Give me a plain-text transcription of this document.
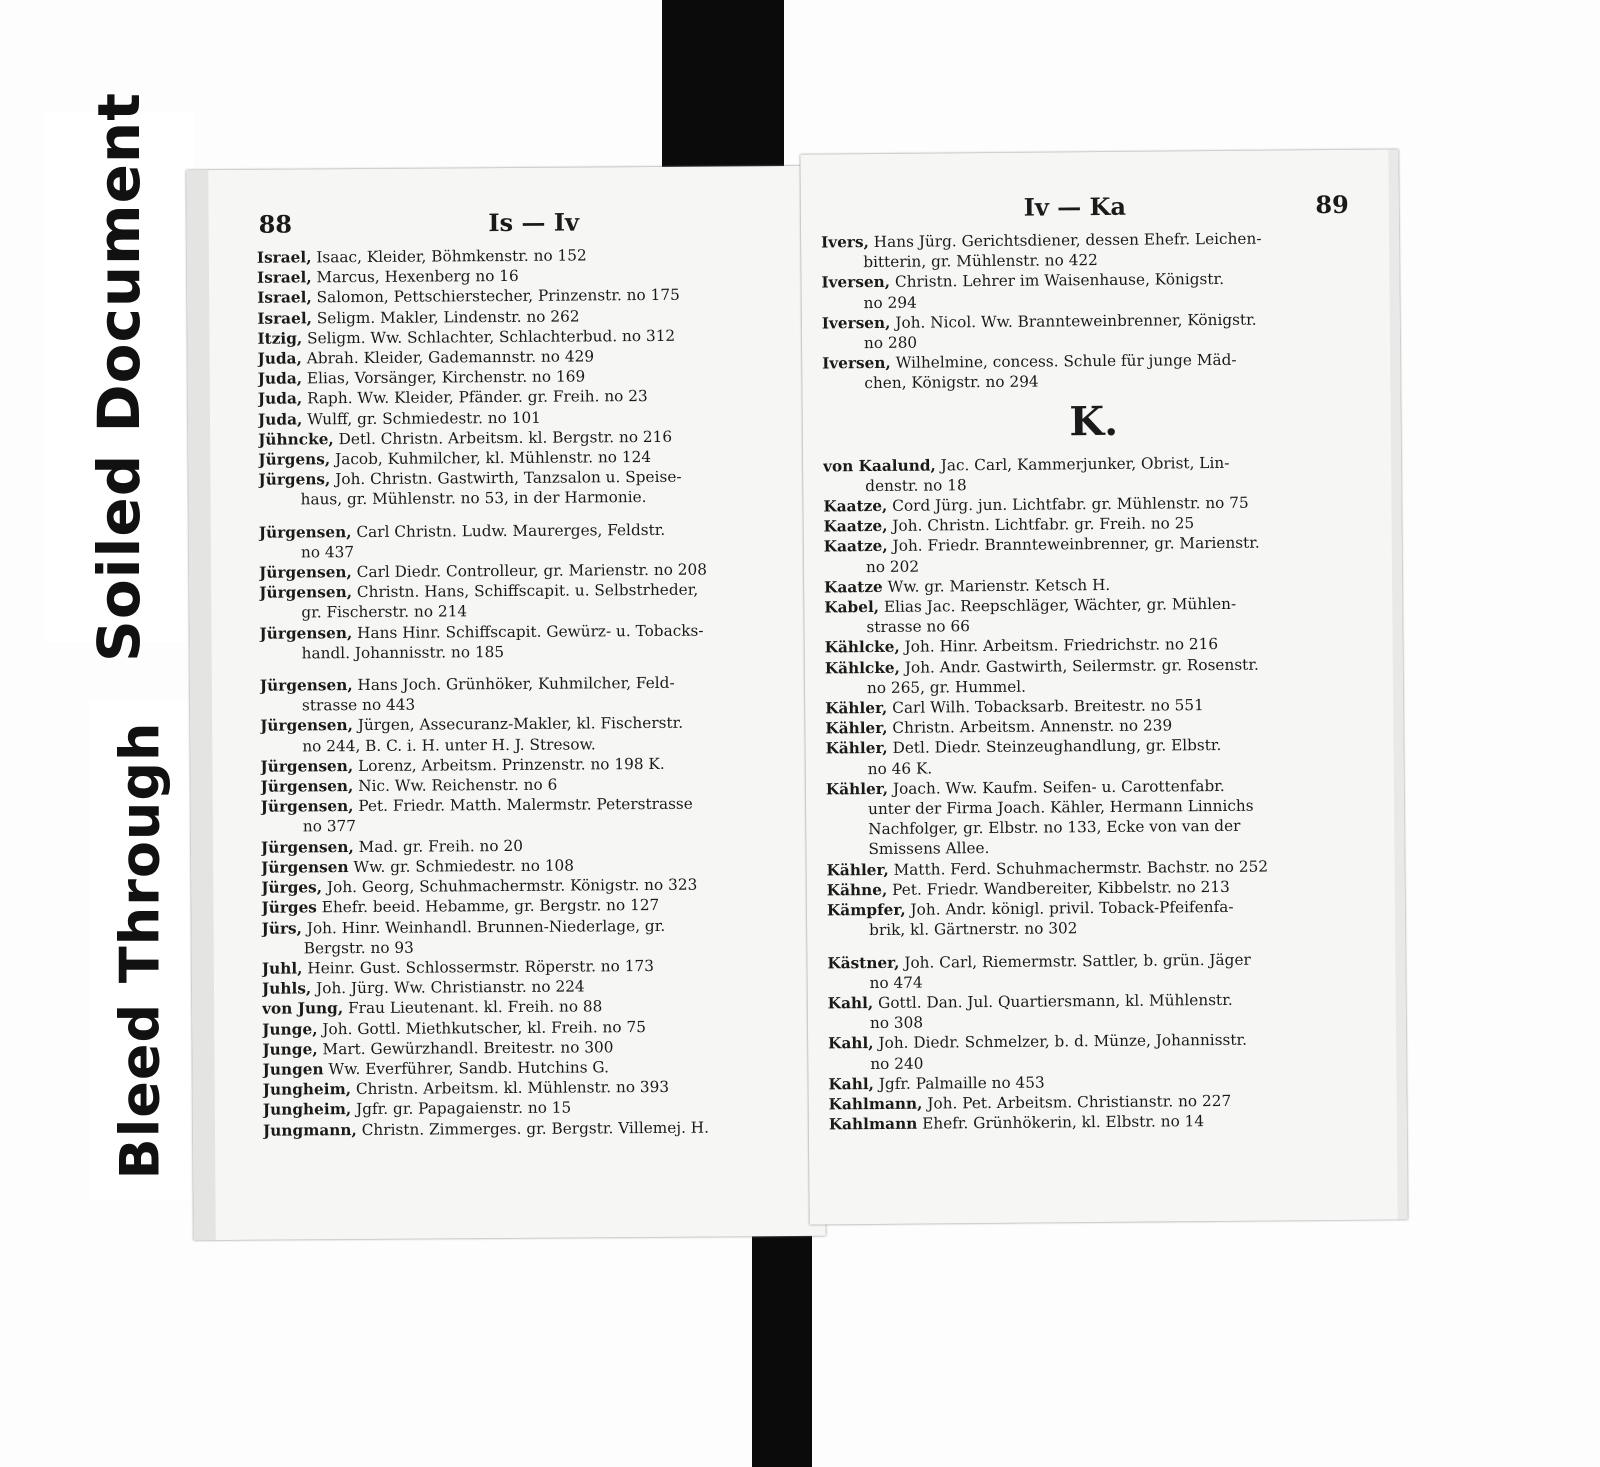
Soiled Document
Bleed Through
88	Is — Iv
Israel, Isaac, Kleider, Böhmkenstr. no 152
Israel, Marcus, Hexenberg no 16
Israel, Salomon, Pettschierstecher, Prinzenstr. no 175
Israel, Seligm. Makler, Lindenstr. no 262
Itzig, Seligm. Ww. Schlachter, Schlachterbud. no 312
Juda, Abrah. Kleider, Gademannstr. no 429
Juda, Elias, Vorsänger, Kirchenstr. no 169
Juda, Raph. Ww. Kleider, Pfänder. gr. Freih. no 23
Juda, Wulff, gr. Schmiedestr. no 101
Jühncke, Detl. Christn. Arbeitsm. kl. Bergstr. no 216
Jürgens, Jacob, Kuhmilcher, kl. Mühlenstr. no 124
Jürgens, Joh. Christn. Gastwirth, Tanzsalon u. Speise-
haus, gr. Mühlenstr. no 53, in der Harmonie.
Jürgensen, Carl Christn. Ludw. Maurerges, Feldstr.
no 437
Jürgensen, Carl Diedr. Controlleur, gr. Marienstr. no 208
Jürgensen, Christn. Hans, Schiffscapit. u. Selbstrheder,
gr. Fischerstr. no 214
Jürgensen, Hans Hinr. Schiffscapit. Gewürz- u. Tobacks-
handl. Johannisstr. no 185
Jürgensen, Hans Joch. Grünhöker, Kuhmilcher, Feld-
strasse no 443
Jürgensen, Jürgen, Assecuranz-Makler, kl. Fischerstr.
no 244, B. C. i. H. unter H. J. Stresow.
Jürgensen, Lorenz, Arbeitsm. Prinzenstr. no 198 K.
Jürgensen, Nic. Ww. Reichenstr. no 6
Jürgensen, Pet. Friedr. Matth. Malermstr. Peterstrasse
no 377
Jürgensen, Mad. gr. Freih. no 20
Jürgensen Ww. gr. Schmiedestr. no 108
Jürges, Joh. Georg, Schuhmachermstr. Königstr. no 323
Jürges Ehefr. beeid. Hebamme, gr. Bergstr. no 127
Jürs, Joh. Hinr. Weinhandl. Brunnen-Niederlage, gr.
Bergstr. no 93
Juhl, Heinr. Gust. Schlossermstr. Röperstr. no 173
Juhls, Joh. Jürg. Ww. Christianstr. no 224
von Jung, Frau Lieutenant. kl. Freih. no 88
Junge, Joh. Gottl. Miethkutscher, kl. Freih. no 75
Junge, Mart. Gewürzhandl. Breitestr. no 300
Jungen Ww. Everführer, Sandb. Hutchins G.
Jungheim, Christn. Arbeitsm. kl. Mühlenstr. no 393
Jungheim, Jgfr. gr. Papagaienstr. no 15
Jungmann, Christn. Zimmerges. gr. Bergstr. Villemej. H.
Iv — Ka	89
Ivers, Hans Jürg. Gerichtsdiener, dessen Ehefr. Leichen-
bitterin, gr. Mühlenstr. no 422
Iversen, Christn. Lehrer im Waisenhause, Königstr.
no 294
Iversen, Joh. Nicol. Ww. Brannteweinbrenner, Königstr.
no 280
Iversen, Wilhelmine, concess. Schule für junge Mäd-
chen, Königstr. no 294
K.
von Kaalund, Jac. Carl, Kammerjunker, Obrist, Lin-
denstr. no 18
Kaatze, Cord Jürg. jun. Lichtfabr. gr. Mühlenstr. no 75
Kaatze, Joh. Christn. Lichtfabr. gr. Freih. no 25
Kaatze, Joh. Friedr. Brannteweinbrenner, gr. Marienstr.
no 202
Kaatze Ww. gr. Marienstr. Ketsch H.
Kabel, Elias Jac. Reepschläger, Wächter, gr. Mühlen-
strasse no 66
Kählcke, Joh. Hinr. Arbeitsm. Friedrichstr. no 216
Kählcke, Joh. Andr. Gastwirth, Seilermstr. gr. Rosenstr.
no 265, gr. Hummel.
Kähler, Carl Wilh. Tobacksarb. Breitestr. no 551
Kähler, Christn. Arbeitsm. Annenstr. no 239
Kähler, Detl. Diedr. Steinzeughandlung, gr. Elbstr.
no 46 K.
Kähler, Joach. Ww. Kaufm. Seifen- u. Carottenfabr.
unter der Firma Joach. Kähler, Hermann Linnichs
Nachfolger, gr. Elbstr. no 133, Ecke von van der
Smissens Allee.
Kähler, Matth. Ferd. Schuhmachermstr. Bachstr. no 252
Kähne, Pet. Friedr. Wandbereiter, Kibbelstr. no 213
Kämpfer, Joh. Andr. königl. privil. Toback-Pfeifenfa-
brik, kl. Gärtnerstr. no 302
Kästner, Joh. Carl, Riemermstr. Sattler, b. grün. Jäger
no 474
Kahl, Gottl. Dan. Jul. Quartiersmann, kl. Mühlenstr.
no 308
Kahl, Joh. Diedr. Schmelzer, b. d. Münze, Johannisstr.
no 240
Kahl, Jgfr. Palmaille no 453
Kahlmann, Joh. Pet. Arbeitsm. Christianstr. no 227
Kahlmann Ehefr. Grünhökerin, kl. Elbstr. no 14
